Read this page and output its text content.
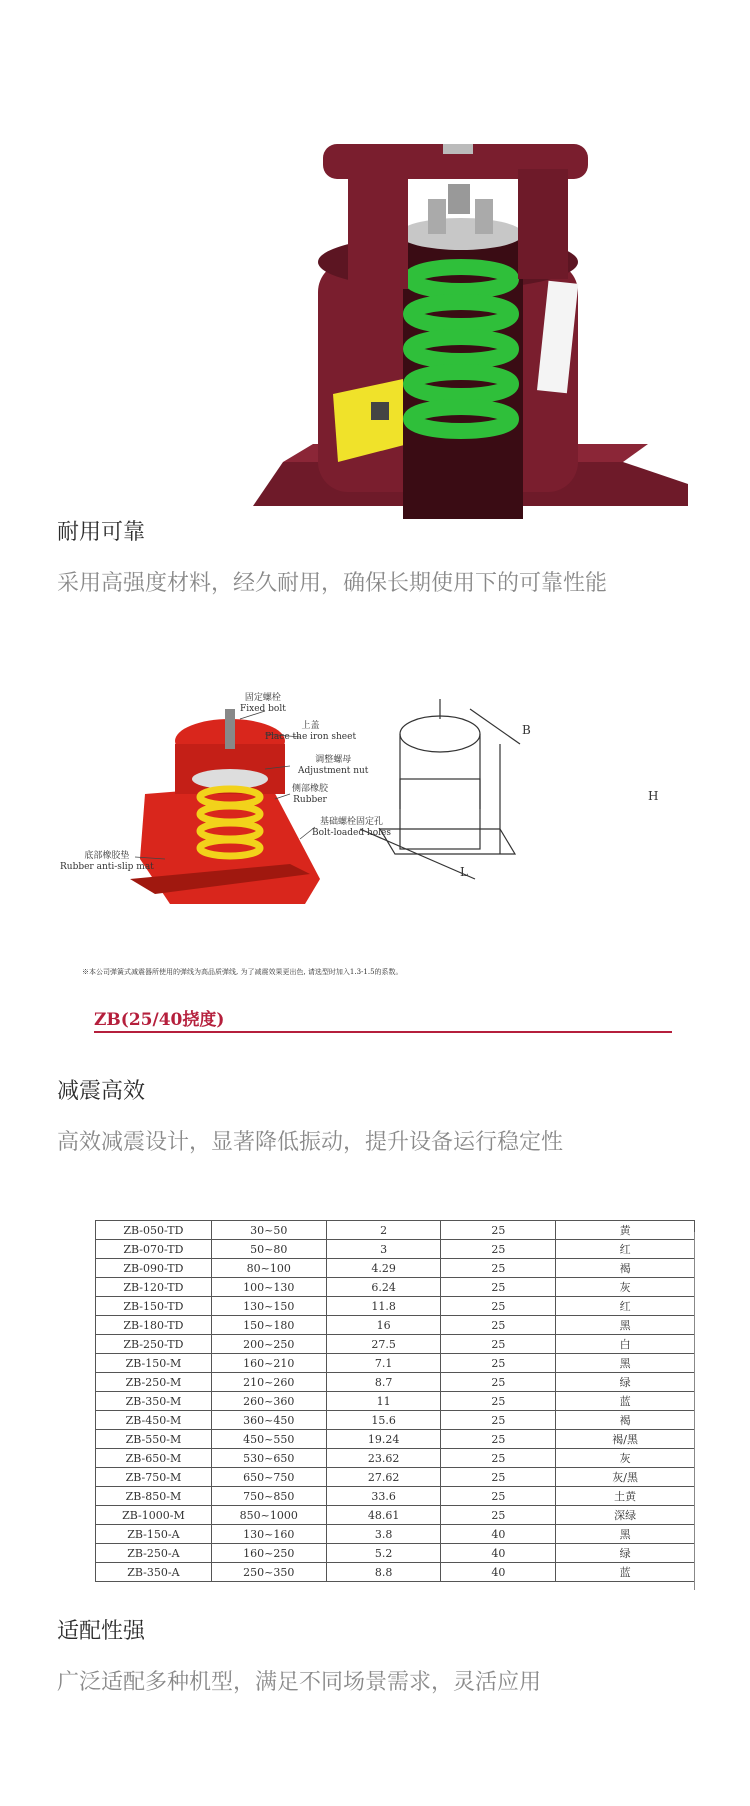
耐用可靠
采用高强度材料，经久耐用，确保长期使用下的可靠性能
固定螺栓
Fixed bolt
上盖
Place the iron sheet
调整螺母
Adjustment nut
侧部橡胶
Rubber
基础螺栓固定孔
Bolt-loaded holes
底部橡胶垫
Rubber anti-slip mat
B
H
L
※本公司弹簧式减震器所使用的弹线为高品质弹线, 为了减震效果更出色, 请选型时加入1.3-1.5的系数。
ZB(25/40挠度)
减震高效
高效减震设计，显著降低振动，提升设备运行稳定性
ZB-050-TD	30~50	2	25	黄
ZB-070-TD	50~80	3	25	红
ZB-090-TD	80~100	4.29	25	褐
ZB-120-TD	100~130	6.24	25	灰
ZB-150-TD	130~150	11.8	25	红
ZB-180-TD	150~180	16	25	黑
ZB-250-TD	200~250	27.5	25	白
ZB-150-M	160~210	7.1	25	黑
ZB-250-M	210~260	8.7	25	绿
ZB-350-M	260~360	11	25	蓝
ZB-450-M	360~450	15.6	25	褐
ZB-550-M	450~550	19.24	25	褐/黑
ZB-650-M	530~650	23.62	25	灰
ZB-750-M	650~750	27.62	25	灰/黑
ZB-850-M	750~850	33.6	25	土黄
ZB-1000-M	850~1000	48.61	25	深绿
ZB-150-A	130~160	3.8	40	黑
ZB-250-A	160~250	5.2	40	绿
ZB-350-A	250~350	8.8	40	蓝
适配性强
广泛适配多种机型，满足不同场景需求，灵活应用
